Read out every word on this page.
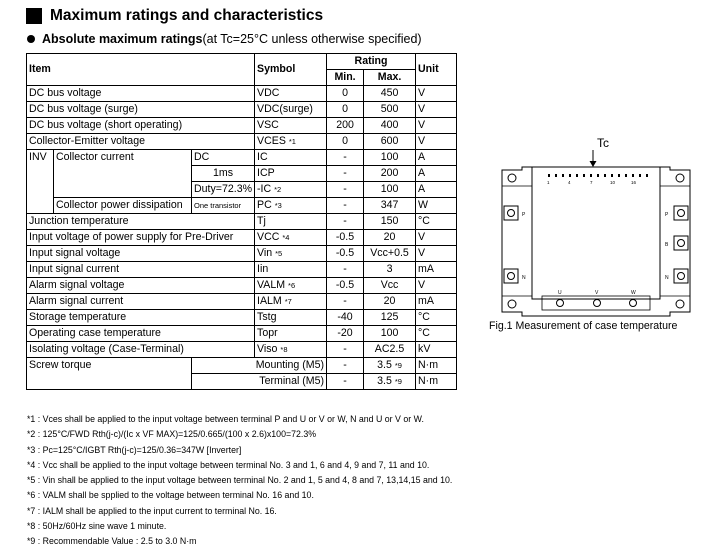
Maximum ratings and characteristics
Absolute maximum ratings (at Tc=25°C unless otherwise specified)
Item			Symbol	Rating		Unit
				Min.	Max.	
DC bus voltage			VDC	0	450	V
DC bus voltage (surge)			VDC(surge)	0	500	V
DC bus voltage (short operating)			VSC	200	400	V
Collector-Emitter voltage			VCES *1	0	600	V
INV	Collector current	DC	IC	-	100	A
		1ms	ICP	-	200	A
		Duty=72.3%	-IC *2	-	100	A
	Collector power dissipation	One transistor	PC *3	-	347	W
Junction temperature			Tj	-	150	°C
Input voltage of power supply for Pre-Driver			VCC *4	-0.5	20	V
Input signal voltage			Vin *5	-0.5	Vcc+0.5	V
Input signal current			Iin	-	3	mA
Alarm signal voltage			VALM *6	-0.5	Vcc	V
Alarm signal current			IALM *7	-	20	mA
Storage temperature			Tstg	-40	125	°C
Operating case temperature			Topr	-20	100	°C
Isolating voltage (Case-Terminal)			Viso *8	-	AC2.5	kV
Screw torque		Mounting (M5)		-	3.5 *9	N·m
		Terminal (M5)		-	3.5 *9	N·m
*1 : Vces shall be applied to the input voltage between terminal P and U or V or W, N and U or V or W.
*2 : 125°C/FWD Rth(j-c)/(Ic x VF MAX)=125/0.665/(100 x 2.6)x100=72.3%
*3 : Pc=125°C/IGBT Rth(j-c)=125/0.36=347W [Inverter]
*4 : Vcc shall be applied to the input voltage between terminal No. 3 and 1, 6 and 4, 9 and 7, 11 and 10.
*5 : Vin shall be applied to the input voltage between terminal No. 2 and 1, 5 and 4, 8 and 7, 13,14,15 and 10.
*6 : VALM shall be spplied to the voltage between terminal No. 16 and 10.
*7 : IALM shall be applied to the input current to terminal No. 16.
*8 : 50Hz/60Hz sine wave 1 minute.
*9 : Recommendable Value : 2.5 to 3.0 N·m
Tc
1	4	7	10	16
P
N
P
B
N
U	V	W
Fig.1 Measurement of case temperature
